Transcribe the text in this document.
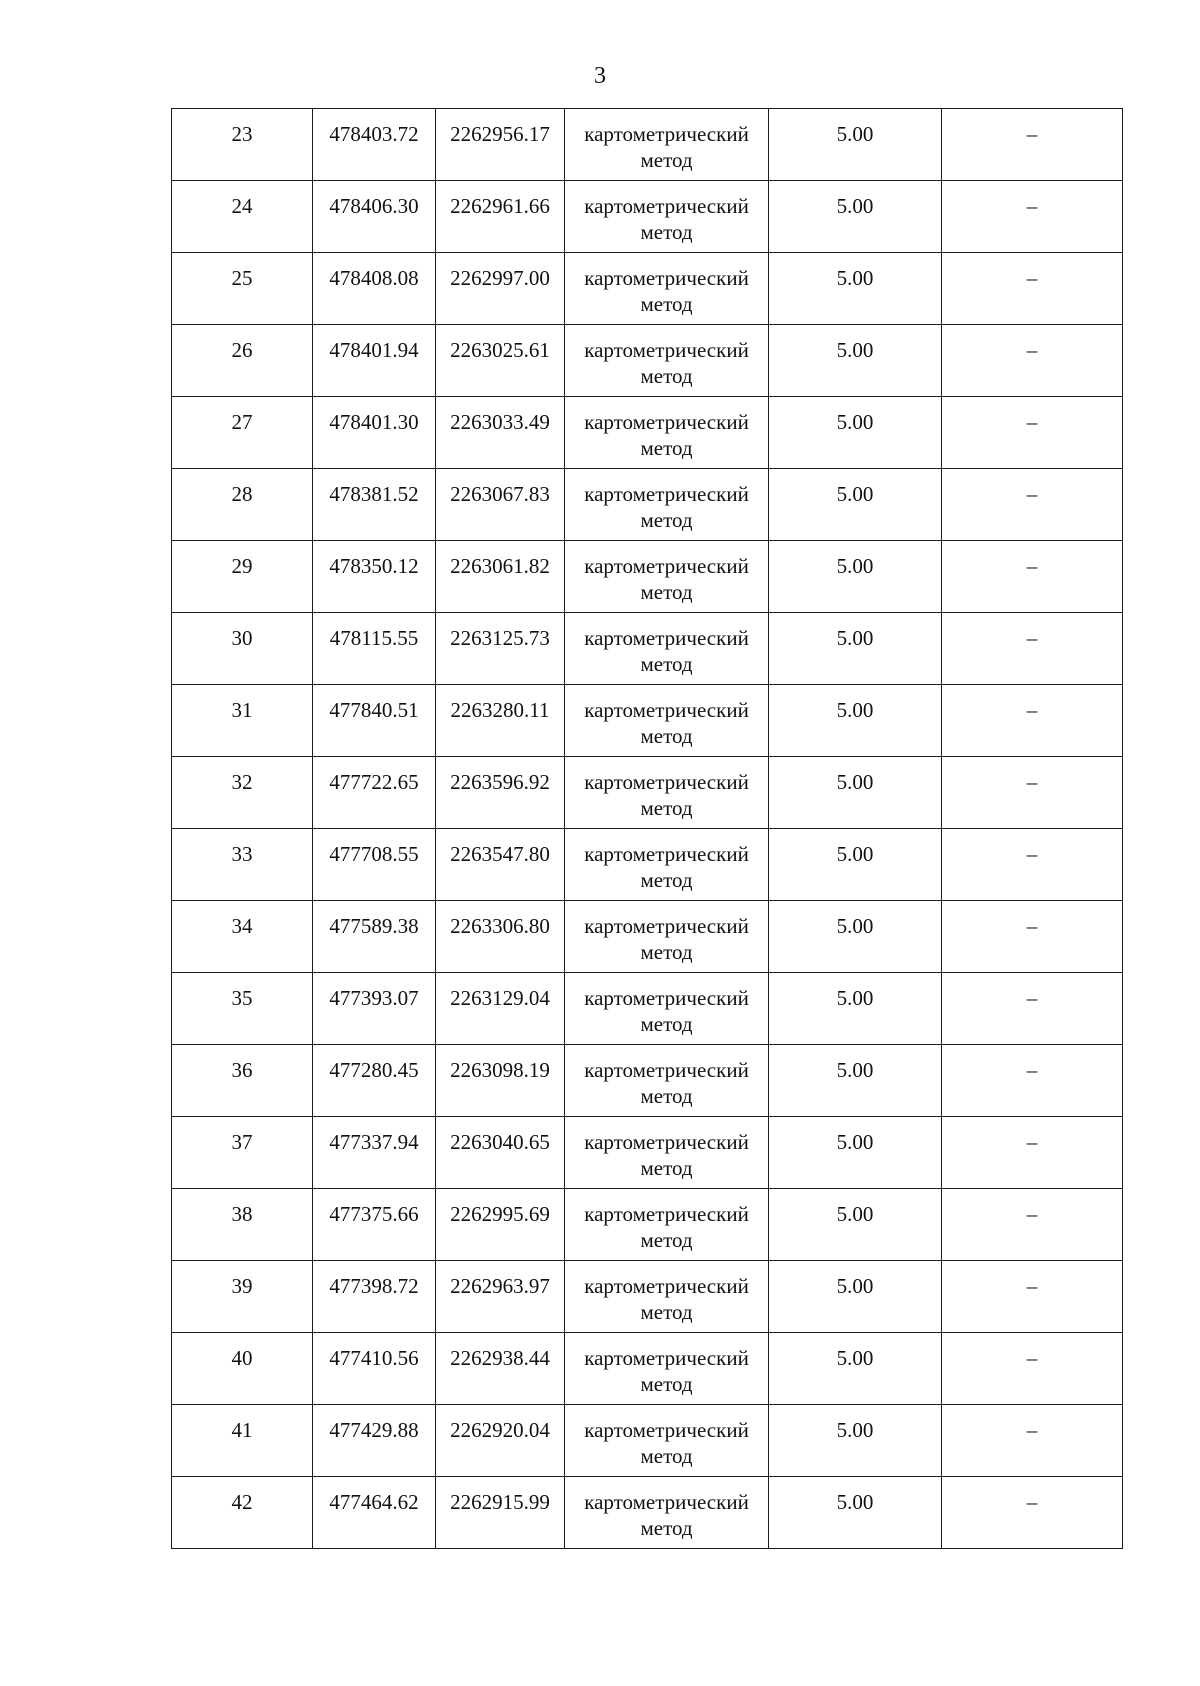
3
23	478403.72	2262956.17	картометрический
метод	5.00	–
24	478406.30	2262961.66	картометрический
метод	5.00	–
25	478408.08	2262997.00	картометрический
метод	5.00	–
26	478401.94	2263025.61	картометрический
метод	5.00	–
27	478401.30	2263033.49	картометрический
метод	5.00	–
28	478381.52	2263067.83	картометрический
метод	5.00	–
29	478350.12	2263061.82	картометрический
метод	5.00	–
30	478115.55	2263125.73	картометрический
метод	5.00	–
31	477840.51	2263280.11	картометрический
метод	5.00	–
32	477722.65	2263596.92	картометрический
метод	5.00	–
33	477708.55	2263547.80	картометрический
метод	5.00	–
34	477589.38	2263306.80	картометрический
метод	5.00	–
35	477393.07	2263129.04	картометрический
метод	5.00	–
36	477280.45	2263098.19	картометрический
метод	5.00	–
37	477337.94	2263040.65	картометрический
метод	5.00	–
38	477375.66	2262995.69	картометрический
метод	5.00	–
39	477398.72	2262963.97	картометрический
метод	5.00	–
40	477410.56	2262938.44	картометрический
метод	5.00	–
41	477429.88	2262920.04	картометрический
метод	5.00	–
42	477464.62	2262915.99	картометрический
метод	5.00	–
